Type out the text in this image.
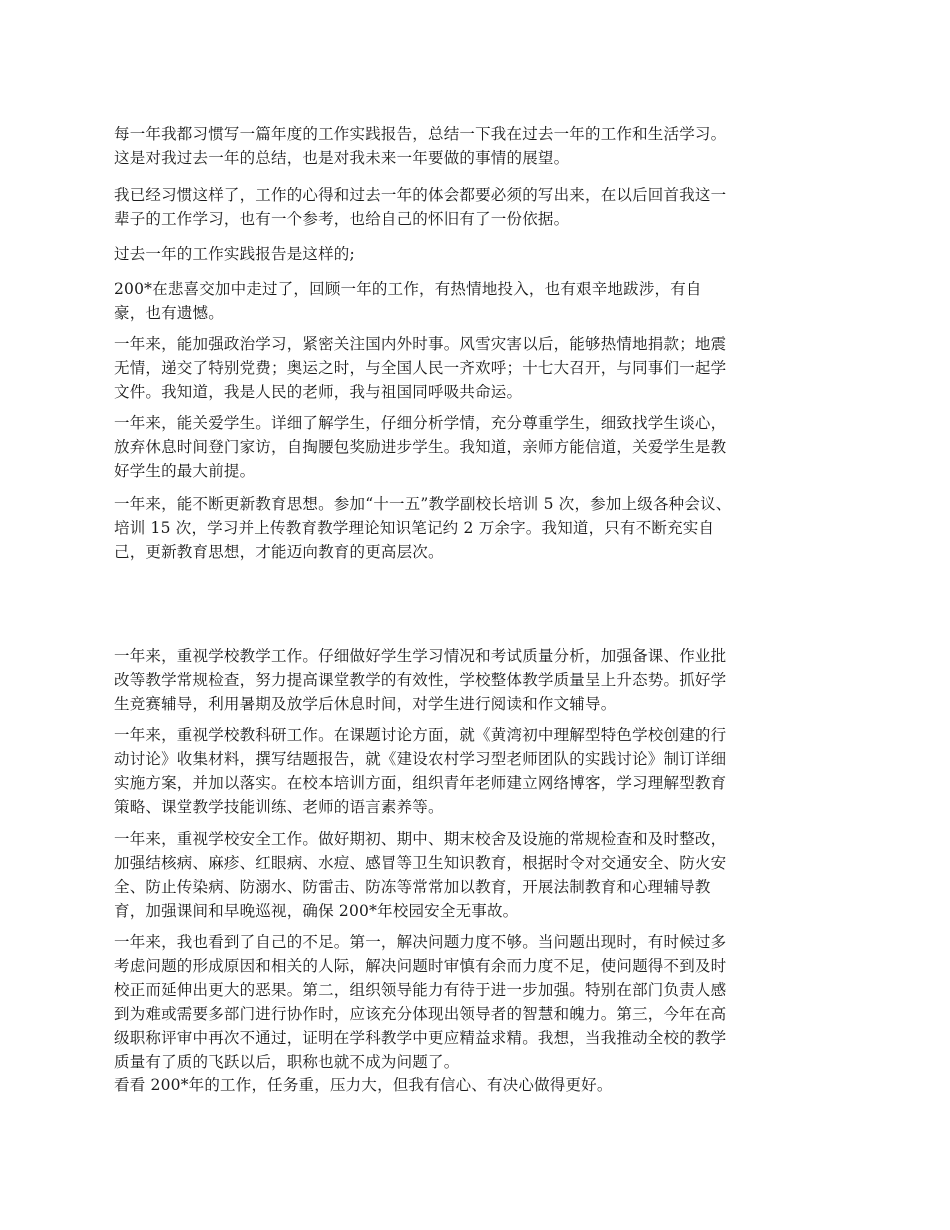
每一年我都习惯写一篇年度的工作实践报告，总结一下我在过去一年的工作和生活学习。
这是对我过去一年的总结，也是对我未来一年要做的事情的展望。

我已经习惯这样了，工作的心得和过去一年的体会都要必须的写出来，在以后回首我这一
辈子的工作学习，也有一个参考，也给自己的怀旧有了一份依据。

过去一年的工作实践报告是这样的;

200*在悲喜交加中走过了，回顾一年的工作，有热情地投入，也有艰辛地跋涉，有自
豪，也有遗憾。

一年来，能加强政治学习，紧密关注国内外时事。风雪灾害以后，能够热情地捐款；地震
无情，递交了特别党费；奥运之时，与全国人民一齐欢呼；十七大召开，与同事们一起学
文件。我知道，我是人民的老师，我与祖国同呼吸共命运。

一年来，能关爱学生。详细了解学生，仔细分析学情，充分尊重学生，细致找学生谈心，
放弃休息时间登门家访，自掏腰包奖励进步学生。我知道，亲师方能信道，关爱学生是教
好学生的最大前提。

一年来，能不断更新教育思想。参加“十一五”教学副校长培训 5 次，参加上级各种会议、
培训 15 次，学习并上传教育教学理论知识笔记约 2 万余字。我知道，只有不断充实自
己，更新教育思想，才能迈向教育的更高层次。

一年来，重视学校教学工作。仔细做好学生学习情况和考试质量分析，加强备课、作业批
改等教学常规检查，努力提高课堂教学的有效性，学校整体教学质量呈上升态势。抓好学
生竞赛辅导，利用暑期及放学后休息时间，对学生进行阅读和作文辅导。

一年来，重视学校教科研工作。在课题讨论方面，就《黄湾初中理解型特色学校创建的行
动讨论》收集材料，撰写结题报告，就《建设农村学习型老师团队的实践讨论》制订详细
实施方案，并加以落实。在校本培训方面，组织青年老师建立网络博客，学习理解型教育
策略、课堂教学技能训练、老师的语言素养等。

一年来，重视学校安全工作。做好期初、期中、期末校舍及设施的常规检查和及时整改，
加强结核病、麻疹、红眼病、水痘、感冒等卫生知识教育，根据时令对交通安全、防火安
全、防止传染病、防溺水、防雷击、防冻等常常加以教育，开展法制教育和心理辅导教
育，加强课间和早晚巡视，确保 200*年校园安全无事故。

一年来，我也看到了自己的不足。第一，解决问题力度不够。当问题出现时，有时候过多
考虑问题的形成原因和相关的人际，解决问题时审慎有余而力度不足，使问题得不到及时
校正而延伸出更大的恶果。第二，组织领导能力有待于进一步加强。特别在部门负责人感
到为难或需要多部门进行协作时，应该充分体现出领导者的智慧和魄力。第三，今年在高
级职称评审中再次不通过，证明在学科教学中更应精益求精。我想，当我推动全校的教学
质量有了质的飞跃以后，职称也就不成为问题了。

看看 200*年的工作，任务重，压力大，但我有信心、有决心做得更好。
